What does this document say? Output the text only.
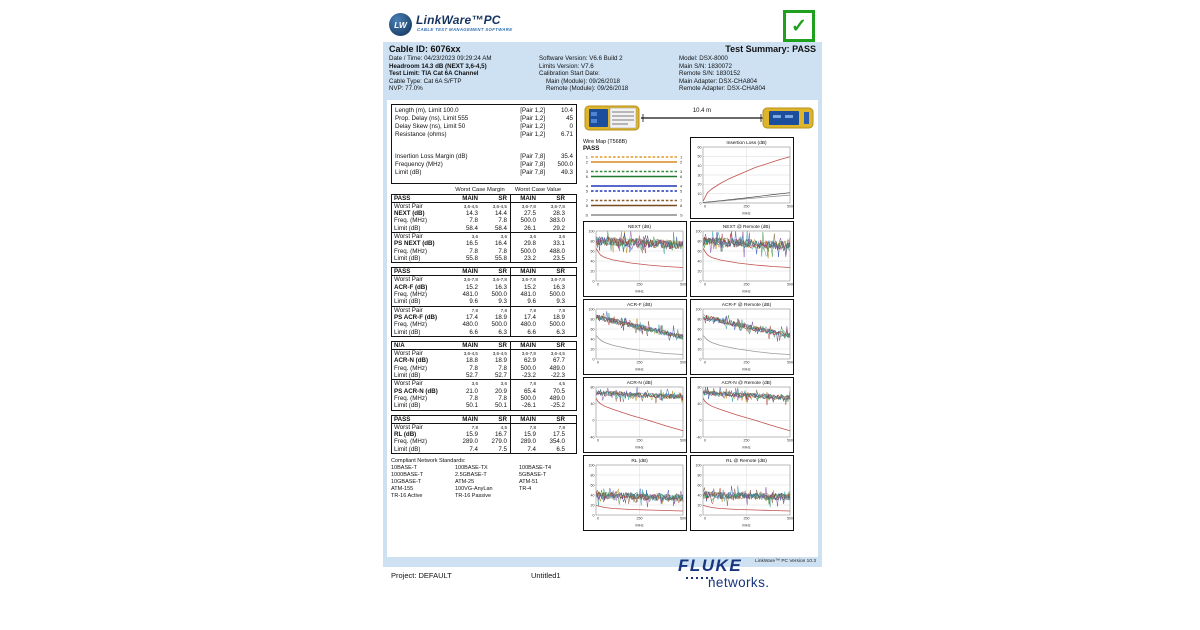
LW LinkWare™PC
CABLE TEST MANAGEMENT SOFTWARE	✓
Cable ID: 6076xx	Test Summary: PASS
Date / Time: 04/23/2023 09:29:24 AM
Headroom 14.3 dB (NEXT 3,6-4,5)
Test Limit: TIA Cat 6A Channel
Cable Type: Cat 6A S/FTP
NVP: 77.0%
Software Version: V6.6 Build 2
Limits Version: V7.6
Calibration Start Date:
Main (Module): 09/26/2018
Remote (Module): 09/26/2018
Model: DSX-8000
Main S/N: 1830072
Remote S/N: 1830152
Main Adapter: DSX-CHA804
Remote Adapter: DSX-CHA804
Length (m), Limit 100.0	[Pair 1,2]	10.4
Prop. Delay (ns), Limit 555	[Pair 1,2]	45
Delay Skew (ns), Limit 50	[Pair 1,2]	0
Resistance (ohms)	[Pair 1,2]	6.71
Insertion Loss Margin (dB)	[Pair 7,8]	35.4
Frequency (MHz)	[Pair 7,8]	500.0
Limit (dB)	[Pair 7,8]	49.3
Worst Case Margin	Worst Case Value
PASS	MAIN	SR	MAIN	SR
Worst Pair	3,6-4,5	3,6-4,5	3,6-7,8	3,6-7,8
NEXT (dB)	14.3	14.4	27.5	28.3
Freq. (MHz)	7.8	7.8	500.0	383.0
Limit (dB)	58.4	58.4	26.1	29.2
Worst Pair	3,6	3,6	3,6	3,6
PS NEXT (dB)	16.5	16.4	29.8	33.1
Freq. (MHz)	7.8	7.8	500.0	488.0
Limit (dB)	55.8	55.8	23.2	23.5
PASS	MAIN	SR	MAIN	SR
Worst Pair	3,6-7,8	3,6-7,8	3,6-7,8	3,6-7,8
ACR-F (dB)	15.2	16.3	15.2	16.3
Freq. (MHz)	481.0	500.0	481.0	500.0
Limit (dB)	9.6	9.3	9.6	9.3
Worst Pair	7,8	7,8	7,8	7,8
PS ACR-F (dB)	17.4	18.9	17.4	18.9
Freq. (MHz)	480.0	500.0	480.0	500.0
Limit (dB)	6.6	6.3	6.6	6.3
N/A	MAIN	SR	MAIN	SR
Worst Pair	3,6-4,5	3,6-4,5	3,6-7,8	3,6-4,5
ACR-N (dB)	18.8	18.9	62.9	67.7
Freq. (MHz)	7.8	7.8	500.0	489.0
Limit (dB)	52.7	52.7	-23.2	-22.3
Worst Pair	3,6	3,6	7,8	4,5
PS ACR-N (dB)	21.0	20.9	65.4	70.5
Freq. (MHz)	7.8	7.8	500.0	489.0
Limit (dB)	50.1	50.1	-26.1	-25.2
PASS	MAIN	SR	MAIN	SR
Worst Pair	7,8	4,5	7,8	7,8
RL (dB)	15.9	16.7	15.9	17.5
Freq. (MHz)	289.0	279.0	289.0	354.0
Limit (dB)	7.4	7.5	7.4	6.5
Compliant Network Standards:
10BASE-T
1000BASE-T
10GBASE-T
ATM-155
TR-16 Active
100BASE-TX
2.5GBASE-T
ATM-25
100VG-AnyLan
TR-16 Passive
100BASE-T4
5GBASE-T
ATM-51
TR-4
10.4 m
Wire Map (T568B)
PASS
1	1
2	2
3	3
6	6
4	4
5	5
7	7
8	8
S	S
0
10
20
30
40
50
60
0	250	500
Insertion Loss (dB)
MHz
0
20
40
60
80
100
0	250	500
NEXT (dB)
MHz
0
20
40
60
80
100
0	250	500
NEXT @ Remote (dB)
MHz
0
20
40
60
80
100
0	250	500
ACR-F (dB)
MHz
0
20
40
60
80
100
0	250	500
ACR-F @ Remote (dB)
MHz
-40
0
40
80
0	250	500
ACR-N (dB)
MHz
-40
0
40
80
0	250	500
ACR-N @ Remote (dB)
MHz
0
20
40
60
80
100
0	250	500
RL (dB)
MHz
0
20
40
60
80
100
0	250	500
RL @ Remote (dB)
MHz
LinkWare™ PC Version 10.3
Project: DEFAULT	Untitled1
FLUKE
networks.
